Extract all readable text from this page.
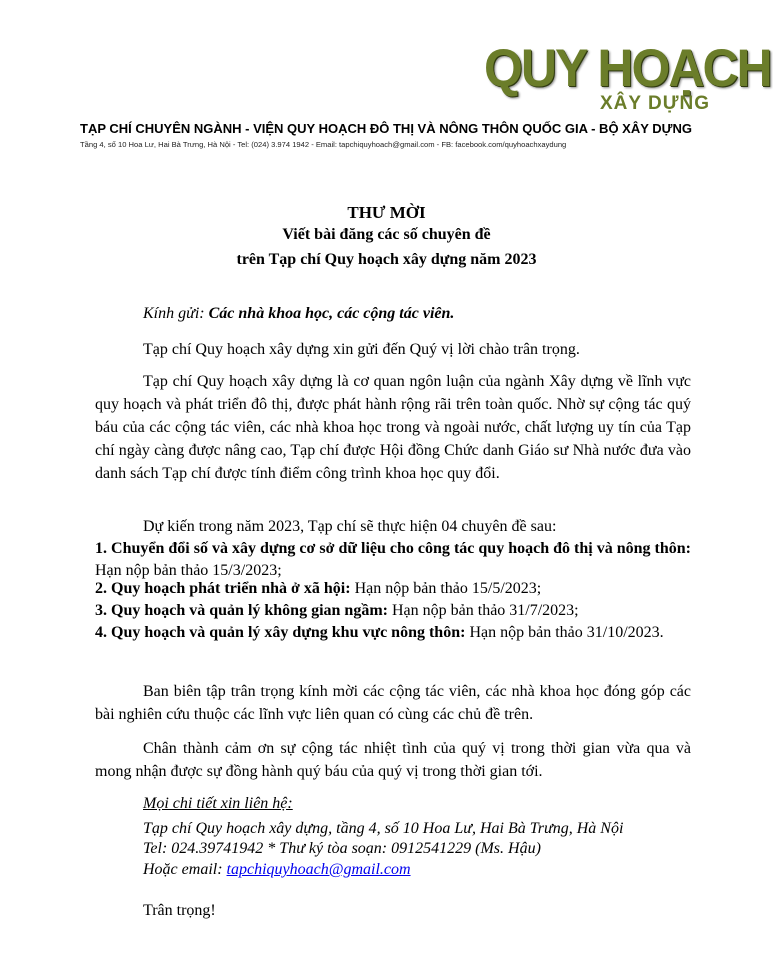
QUY HOẠCH
XÂY DỰNG
TẠP CHÍ CHUYÊN NGÀNH - VIỆN QUY HOẠCH ĐÔ THỊ VÀ NÔNG THÔN QUỐC GIA - BỘ XÂY DỰNG
Tầng 4, số 10 Hoa Lư, Hai Bà Trưng, Hà Nội - Tel: (024) 3.974 1942 - Email: tapchiquyhoach@gmail.com - FB: facebook.com/quyhoachxaydung
THƯ MỜI
Viết bài đăng các số chuyên đề
trên Tạp chí Quy hoạch xây dựng năm 2023
Kính gửi: Các nhà khoa học, các cộng tác viên.
Tạp chí Quy hoạch xây dựng xin gửi đến Quý vị lời chào trân trọng.
Tạp chí Quy hoạch xây dựng là cơ quan ngôn luận của ngành Xây dựng về lĩnh vực quy hoạch và phát triển đô thị, được phát hành rộng rãi trên toàn quốc. Nhờ sự cộng tác quý báu của các cộng tác viên, các nhà khoa học trong và ngoài nước, chất lượng uy tín của Tạp chí ngày càng được nâng cao, Tạp chí được Hội đồng Chức danh Giáo sư Nhà nước đưa vào danh sách Tạp chí được tính điểm công trình khoa học quy đổi.
Dự kiến trong năm 2023, Tạp chí sẽ thực hiện 04 chuyên đề sau:
1. Chuyển đổi số và xây dựng cơ sở dữ liệu cho công tác quy hoạch đô thị và nông thôn: Hạn nộp bản thảo 15/3/2023;
2. Quy hoạch phát triển nhà ở xã hội: Hạn nộp bản thảo 15/5/2023;
3. Quy hoạch và quản lý không gian ngầm: Hạn nộp bản thảo 31/7/2023;
4. Quy hoạch và quản lý xây dựng khu vực nông thôn: Hạn nộp bản thảo 31/10/2023.
Ban biên tập trân trọng kính mời các cộng tác viên, các nhà khoa học đóng góp các bài nghiên cứu thuộc các lĩnh vực liên quan có cùng các chủ đề trên.
Chân thành cảm ơn sự cộng tác nhiệt tình của quý vị trong thời gian vừa qua và mong nhận được sự đồng hành quý báu của quý vị trong thời gian tới.
Mọi chi tiết xin liên hệ:
Tạp chí Quy hoạch xây dựng, tầng 4, số 10 Hoa Lư, Hai Bà Trưng, Hà Nội
Tel: 024.39741942 * Thư ký tòa soạn: 0912541229 (Ms. Hậu)
Hoặc email: tapchiquyhoach@gmail.com
Trân trọng!
